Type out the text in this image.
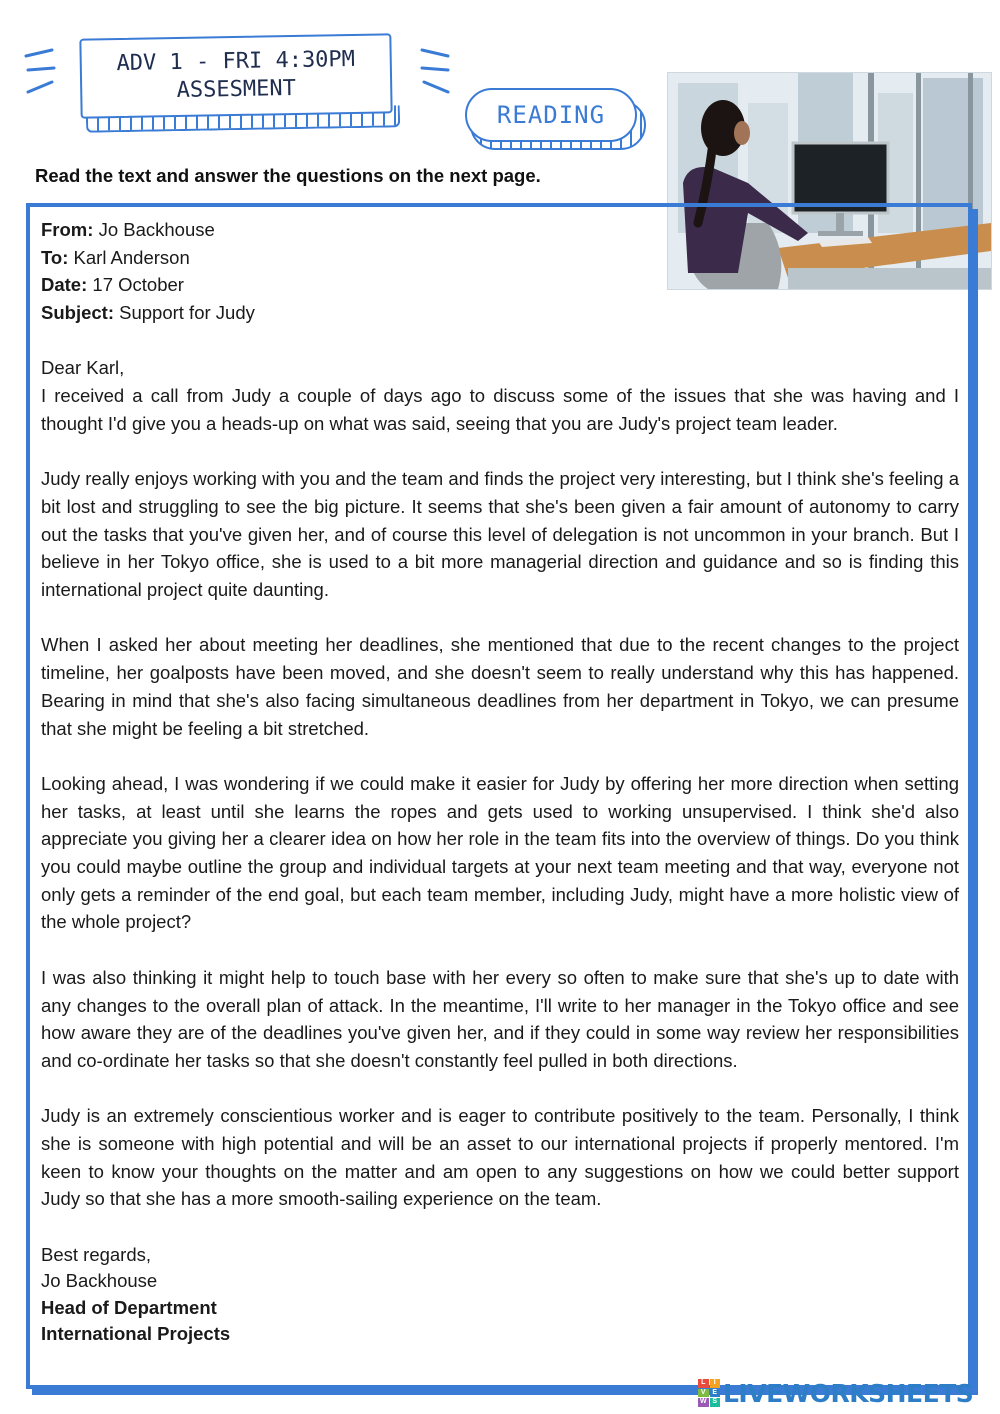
ADV 1 - FRI 4:30PM
ASSESMENT
READING
Read the text and answer the questions on the next page.
From: Jo Backhouse
To: Karl Anderson
Date: 17 October
Subject: Support for Judy
Dear Karl,

I received a call from Judy a couple of days ago to discuss some of the issues that she was having and I thought I'd give you a heads-up on what was said, seeing that you are Judy's project team leader.

Judy really enjoys working with you and the team and finds the project very interesting, but I think she's feeling a bit lost and struggling to see the big picture. It seems that she's been given a fair amount of autonomy to carry out the tasks that you've given her, and of course this level of delegation is not uncommon in your branch. But I believe in her Tokyo office, she is used to a bit more managerial direction and guidance and so is finding this international project quite daunting.

When I asked her about meeting her deadlines, she mentioned that due to the recent changes to the project timeline, her goalposts have been moved, and she doesn't seem to really understand why this has happened. Bearing in mind that she's also facing simultaneous deadlines from her department in Tokyo, we can presume that she might be feeling a bit stretched.

Looking ahead, I was wondering if we could make it easier for Judy by offering her more direction when setting her tasks, at least until she learns the ropes and gets used to working unsupervised. I think she'd also appreciate you giving her a clearer idea on how her role in the team fits into the overview of things. Do you think you could maybe outline the group and individual targets at your next team meeting and that way, everyone not only gets a reminder of the end goal, but each team member, including Judy, might have a more holistic view of the whole project?

I was also thinking it might help to touch base with her every so often to make sure that she's up to date with any changes to the overall plan of attack. In the meantime, I'll write to her manager in the Tokyo office and see how aware they are of the deadlines you've given her, and if they could in some way review her responsibilities and co-ordinate her tasks so that she doesn't constantly feel pulled in both directions.

Judy is an extremely conscientious worker and is eager to contribute positively to the team. Personally, I think she is someone with high potential and will be an asset to our international projects if properly mentored. I'm keen to know your thoughts on the matter and am open to any suggestions on how we could better support Judy so that she has a more smooth-sailing experience on the team.

Best regards,
Jo Backhouse
Head of Department
International Projects
L	I
V E
W S LIVEWORKSHEETS
